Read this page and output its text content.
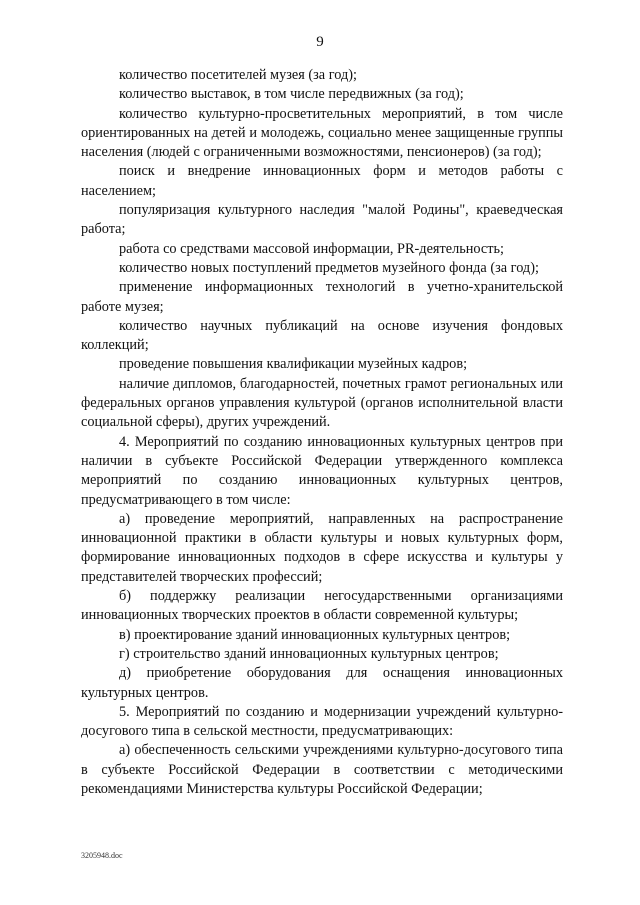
9

количество посетителей музея (за год);

количество выставок, в том числе передвижных (за год);

количество культурно-просветительных мероприятий, в том числе ориентированных на детей и молодежь, социально менее защищенные группы населения (людей с ограниченными возможностями, пенсионеров) (за год);

поиск и внедрение инновационных форм и методов работы с населением;

популяризация культурного наследия "малой Родины", краеведческая работа;

работа со средствами массовой информации, PR-деятельность;

количество новых поступлений предметов музейного фонда (за год);

применение информационных технологий в учетно-хранительской работе музея;

количество научных публикаций на основе изучения фондовых коллекций;

проведение повышения квалификации музейных кадров;

наличие дипломов, благодарностей, почетных грамот региональных или федеральных органов управления культурой (органов исполнительной власти социальной сферы), других учреждений.

4. Мероприятий по созданию инновационных культурных центров при наличии в субъекте Российской Федерации утвержденного комплекса мероприятий по созданию инновационных культурных центров, предусматривающего в том числе:

а) проведение мероприятий, направленных на распространение инновационной практики в области культуры и новых культурных форм, формирование инновационных подходов в сфере искусства и культуры у представителей творческих профессий;

б) поддержку реализации негосударственными организациями инновационных творческих проектов в области современной культуры;

в) проектирование зданий инновационных культурных центров;

г) строительство зданий инновационных культурных центров;

д) приобретение оборудования для оснащения инновационных культурных центров.

5. Мероприятий по созданию и модернизации учреждений культурно-досугового типа в сельской местности, предусматривающих:

а) обеспеченность сельскими учреждениями культурно-досугового типа в субъекте Российской Федерации в соответствии с методическими рекомендациями Министерства культуры Российской Федерации;

3205948.doc
